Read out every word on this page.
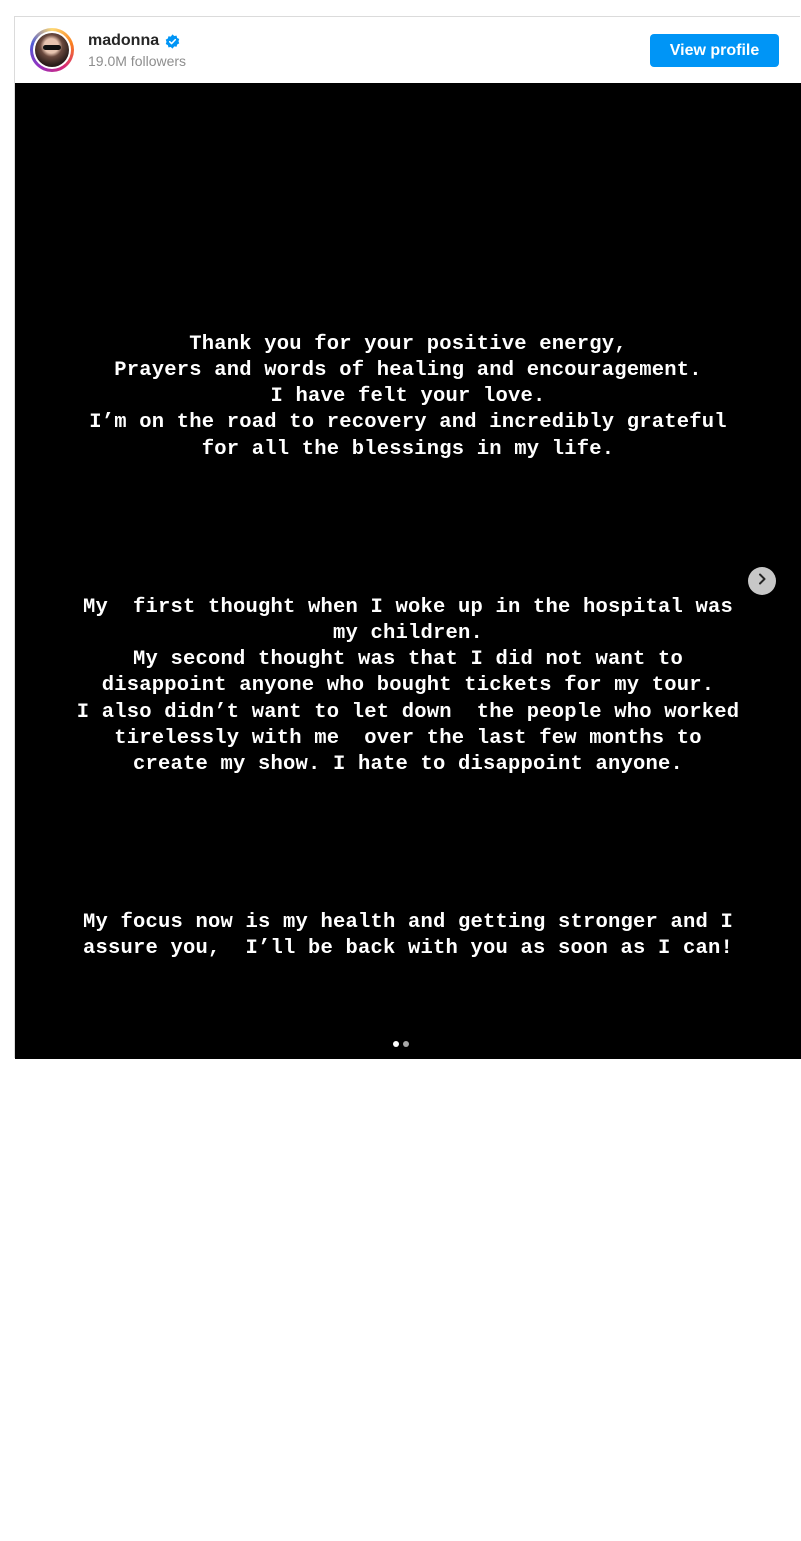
madonna
19.0M followers
View profile

Thank you for your positive energy,
Prayers and words of healing and encouragement.
I have felt your love.
I’m on the road to recovery and incredibly grateful
for all the blessings in my life.

My  first thought when I woke up in the hospital was
my children.
My second thought was that I did not want to
disappoint anyone who bought tickets for my tour.
I also didn’t want to let down  the people who worked
tirelessly with me  over the last few months to
create my show. I hate to disappoint anyone.

My focus now is my health and getting stronger and I
assure you,  I’ll be back with you as soon as I can!

The current plan is to reschedule the North American
leg of the tour and to begin in October in Europe.

I couldn’t be more grateful for your care and
support.

Love,M
